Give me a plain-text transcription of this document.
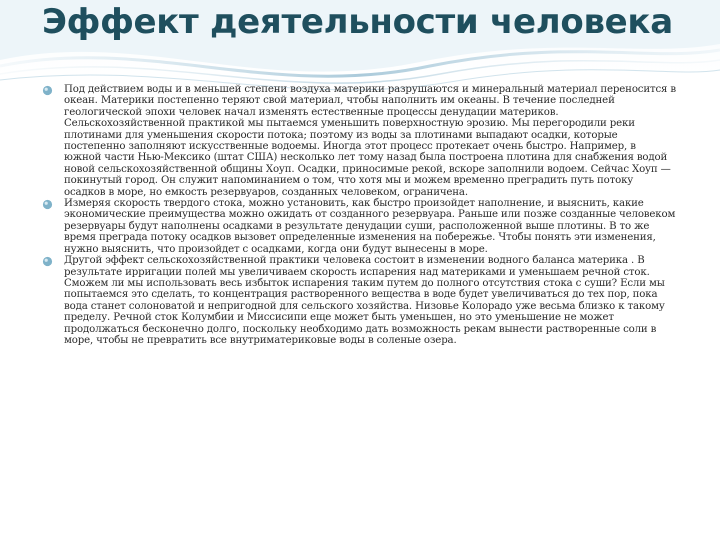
Эффект деятельности человека
Под действием воды и в меньшей степени воздуха материки разрушаются и минеральный материал переносится в океан. Материки постепенно теряют свой материал, чтобы наполнить им океаны. В течение последней геологической эпохи человек начал изменять естественные процессы денудации материков. Сельскохозяйственной практикой мы пытаемся уменьшить поверхностную эрозию. Мы перегородили реки плотинами для уменьшения скорости потока; поэтому из воды за плотинами выпадают осадки, которые постепенно заполняют искусственные водоемы. Иногда этот процесс протекает очень быстро. Например, в южной части Нью-Мексико (штат США) несколько лет тому назад была построена плотина для снабжения водой новой сельскохозяйственной общины Хоуп. Осадки, приносимые рекой, вскоре заполнили водоем. Сейчас Хоуп — покинутый город. Он служит напоминанием о том, что хотя мы и можем временно преградить путь потоку осадков в море, но емкость резервуаров, созданных человеком, ограничена.
Измеряя скорость твердого стока, можно установить, как быстро произойдет наполнение, и выяснить, какие экономические преимущества можно ожидать от созданного резервуара. Раньше или позже созданные человеком резервуары будут наполнены осадками в результате денудации суши, расположенной выше плотины. В то же время преграда потоку осадков вызовет определенные изменения на побережье. Чтобы понять эти изменения, нужно выяснить, что произойдет с осадками, когда они будут вынесены в море.
Другой эффект сельскохозяйственной практики человека состоит в изменении водного баланса материка . В результате ирригации полей мы увеличиваем скорость испарения над материками и уменьшаем речной сток. Сможем ли мы использовать весь избыток испарения таким путем до полного отсутствия стока с суши? Если мы попытаемся это сделать, то концентрация растворенного вещества в воде будет увеличиваться до тех пор, пока вода станет солоноватой и непригодной для сельского хозяйства. Низовье Колорадо уже весьма близко к такому пределу. Речной сток Колумбии и Миссисипи еще может быть уменьшен, но это уменьшение не может продолжаться бесконечно долго, поскольку необходимо дать возможность рекам вынести растворенные соли в море, чтобы не превратить все внутриматериковые воды в соленые озера.
